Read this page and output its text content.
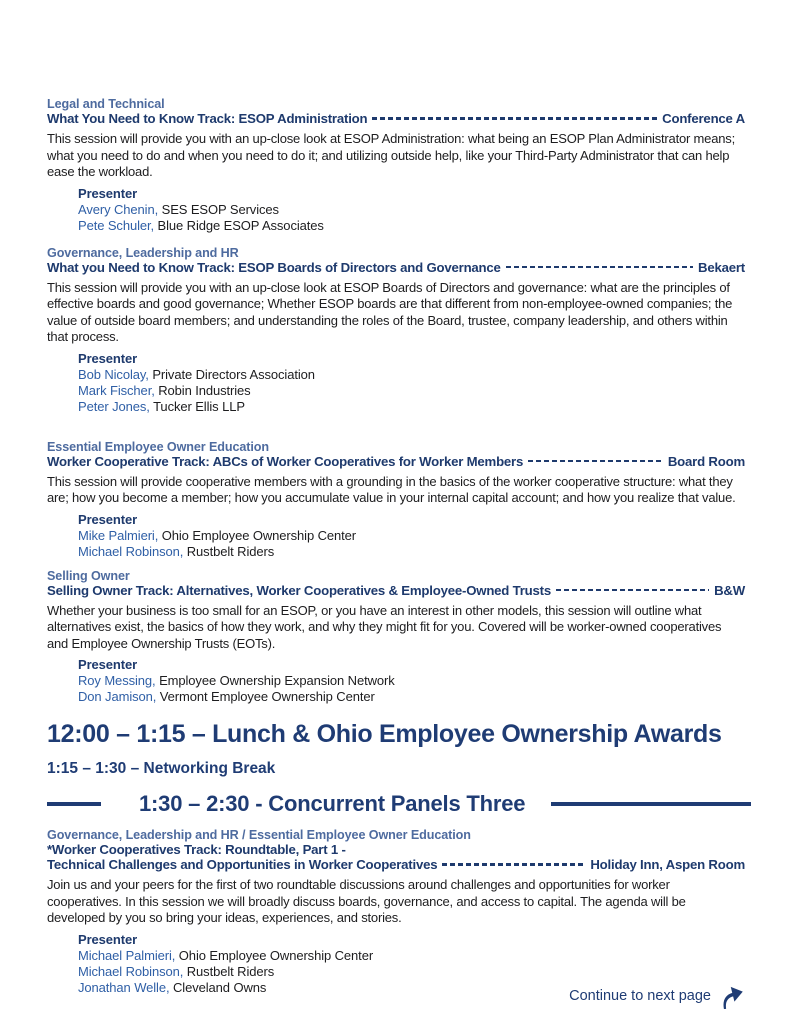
Legal and Technical
What You Need to Know Track: ESOP Administration	Conference A

This session will provide you with an up-close look at ESOP Administration: what being an ESOP Plan Administrator means; what you need to do and when you need to do it; and utilizing outside help, like your Third-Party Administrator that can help ease the workload.

Presenter
Avery Chenin, SES ESOP Services
Pete Schuler, Blue Ridge ESOP Associates
Governance, Leadership and HR
What you Need to Know Track: ESOP Boards of Directors and Governance	Bekaert

This session will provide you with an up-close look at ESOP Boards of Directors and governance: what are the principles of effective boards and good governance; Whether ESOP boards are that different from non-employee-owned companies; the value of outside board members; and understanding the roles of the Board, trustee, company leadership, and others within that process.

Presenter
Bob Nicolay, Private Directors Association
Mark Fischer, Robin Industries
Peter Jones, Tucker Ellis LLP
Essential Employee Owner Education
Worker Cooperative Track: ABCs of Worker Cooperatives for Worker Members	Board Room

This session will provide cooperative members with a grounding in the basics of the worker cooperative structure: what they are; how you become a member; how you accumulate value in your internal capital account; and how you realize that value.

Presenter
Mike Palmieri, Ohio Employee Ownership Center
Michael Robinson, Rustbelt Riders
Selling Owner
Selling Owner Track: Alternatives, Worker Cooperatives & Employee-Owned Trusts	B&W

Whether your business is too small for an ESOP, or you have an interest in other models, this session will outline what alternatives exist, the basics of how they work, and why they might fit for you. Covered will be worker-owned cooperatives and Employee Ownership Trusts (EOTs).

Presenter
Roy Messing, Employee Ownership Expansion Network
Don Jamison, Vermont Employee Ownership Center
12:00 – 1:15 – Lunch & Ohio Employee Ownership Awards
1:15 – 1:30 – Networking Break
1:30 – 2:30 - Concurrent Panels Three
Governance, Leadership and HR / Essential Employee Owner Education
*Worker Cooperatives Track: Roundtable, Part 1 -
Technical Challenges and Opportunities in Worker Cooperatives	Holiday Inn, Aspen Room

Join us and your peers for the first of two roundtable discussions around challenges and opportunities for worker cooperatives. In this session we will broadly discuss boards, governance, and access to capital. The agenda will be developed by you so bring your ideas, experiences, and stories.

Presenter
Michael Palmieri, Ohio Employee Ownership Center
Michael Robinson, Rustbelt Riders
Jonathan Welle, Cleveland Owns
Continue to next page
